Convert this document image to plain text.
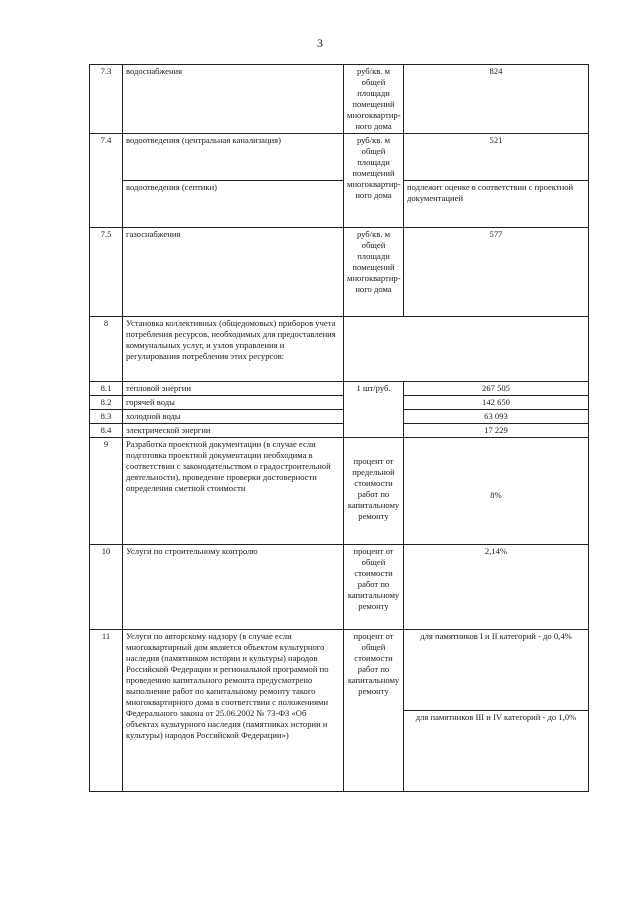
3
7.3	водоснабжения	руб/кв. м общей площади помещений многоквартир-ного дома	824
7.4	водоотведения (центральная канализация)	руб/кв. м общей площади помещений многоквартир-ного дома	521
	водоотведения (септики)		подлежит оценке в соответствии с проектной документацией
7.5	газоснабжения	руб/кв. м общей площади помещений многоквартир-ного дома	577
8	Установка коллективных (общедомовых) приборов учета потребления ресурсов, необходимых для предоставления коммунальных услуг, и узлов управления и регулирования потребления этих ресурсов:		
8.1	тепловой энергии	1 шт/руб.	267 505
8.2	горячей воды		142 650
8.3	холодной воды		63 093
8.4	электрической энергии		17 229
9	Разработка проектной документации (в случае если подготовка проектной документации необходима в соответствии с законодательством о градостроительной деятельности), проведение проверки достоверности определения сметной стоимости	процент от предельной стоимости работ по капитальному ремонту	8%
10	Услуги по строительному контролю	процент от общей стоимости работ по капитальному ремонту	2,14%
11	Услуги по авторскому надзору (в случае если многоквартирный дом является объектом культурного наследия (памятником истории и культуры) народов Российской Федерации и региональной программой по проведению капитального ремонта предусмотрено выполнение работ по капитальному ремонту такого многоквартирного дома в соответствии с положениями Федерального закона от 25.06.2002 № 73-ФЗ «Об объектах культурного наследия (памятниках истории и культуры) народов Российской Федерации»)	процент от общей стоимости работ по капитальному ремонту	для памятников I и II категорий - до 0,4%
			для памятников III и IV категорий - до 1,0%
